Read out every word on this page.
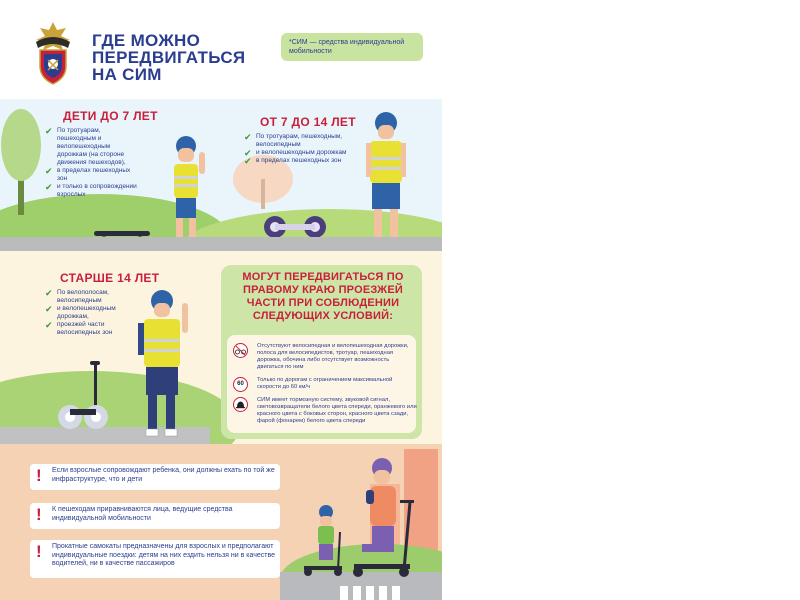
ГДЕ МОЖНО
ПЕРЕДВИГАТЬСЯ
НА СИМ
*СИМ — средства индивидуальной мобильности
ДЕТИ ДО 7 ЛЕТ
✔ По тротуарам, пешеходным и велопешеходным дорожкам (на стороне движения пешеходов),
✔ в пределах пешеходных зон
✔ и только в сопровождении взрослых
ОТ 7 ДО 14 ЛЕТ
✔ По тротуарам, пешеходным, велосипедным
✔ и велопешеходным дорожкам
✔ в пределах пешеходных зон
СТАРШЕ 14 ЛЕТ
✔ По велополосам, велосипедным
✔ и велопешеходным дорожкам,
✔ проезжей части велосипедных зон
МОГУТ ПЕРЕДВИГАТЬСЯ ПО ПРАВОМУ КРАЮ ПРОЕЗЖЕЙ ЧАСТИ ПРИ СОБЛЮДЕНИИ СЛЕДУЮЩИХ УСЛОВИЙ:
Отсутствуют велосипедная и велопешеходная дорожки, полоса для велосипедистов, тротуар, пешеходная дорожка, обочина либо отсутствует возможность двигаться по ним
60
Только по дорогам с ограничением максимальной скорости до 60 км/ч
СИМ имеет тормозную систему, звуковой сигнал, световозвращатели белого цвета спереди, оранжевого или красного цвета с боковых сторон, красного цвета сзади, фарой (фонарем) белого цвета спереди
! Если взрослые сопровождают ребенка, они должны ехать по той же инфраструктуре, что и дети
! К пешеходам приравниваются лица, ведущие средства индивидуальной мобильности
! Прокатные самокаты предназначены для взрослых и предполагают индивидуальные поездки: детям на них ездить нельзя ни в качестве водителей, ни в качестве пассажиров
